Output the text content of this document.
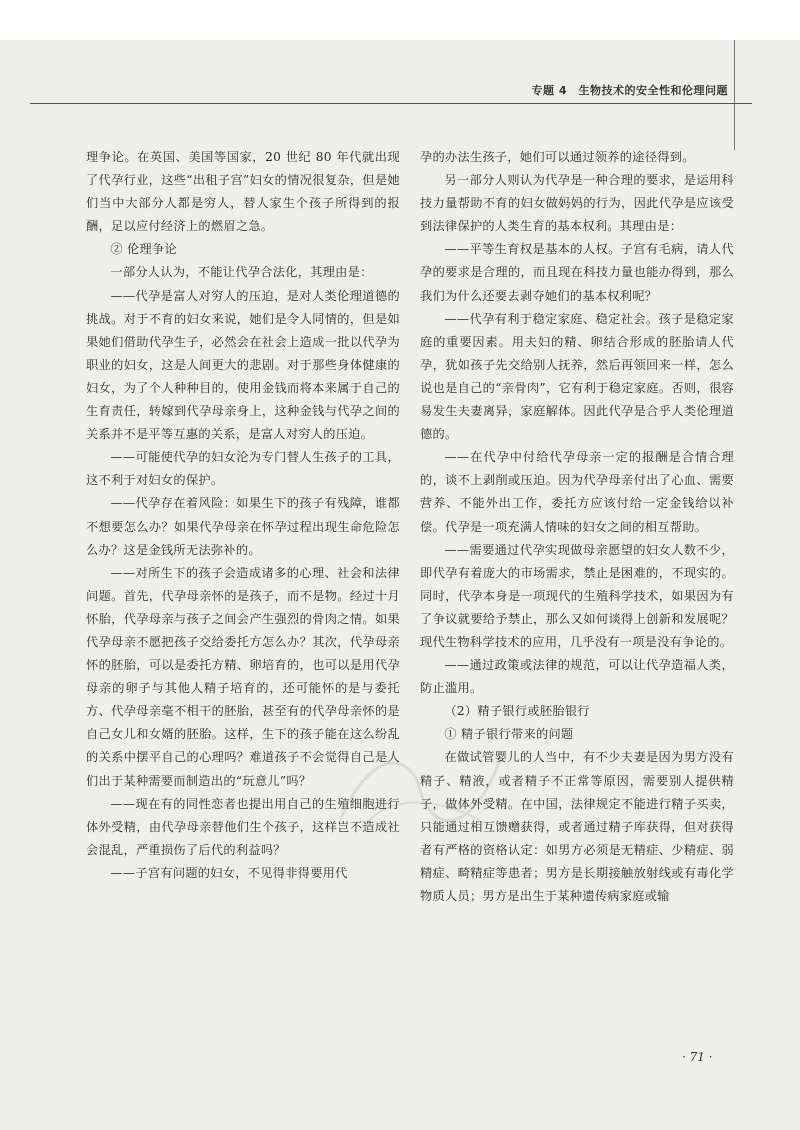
专题 4　生物技术的安全性和伦理问题

理争论。在英国、美国等国家，20 世纪 80 年代就出现了代孕行业，这些“出租子宫”妇女的情况很复杂，但是她们当中大部分人都是穷人，替人家生个孩子所得到的报酬，足以应付经济上的燃眉之急。

② 伦理争论

一部分人认为，不能让代孕合法化，其理由是：

——代孕是富人对穷人的压迫，是对人类伦理道德的挑战。对于不育的妇女来说，她们是令人同情的，但是如果她们借助代孕生子，必然会在社会上造成一批以代孕为职业的妇女，这是人间更大的悲剧。对于那些身体健康的妇女，为了个人种种目的，使用金钱而将本来属于自己的生育责任，转嫁到代孕母亲身上，这种金钱与代孕之间的关系并不是平等互惠的关系，是富人对穷人的压迫。

——可能使代孕的妇女沦为专门替人生孩子的工具，这不利于对妇女的保护。

——代孕存在着风险：如果生下的孩子有残障，谁都不想要怎么办？如果代孕母亲在怀孕过程出现生命危险怎么办？这是金钱所无法弥补的。

——对所生下的孩子会造成诸多的心理、社会和法律问题。首先，代孕母亲怀的是孩子，而不是物。经过十月怀胎，代孕母亲与孩子之间会产生强烈的骨肉之情。如果代孕母亲不愿把孩子交给委托方怎么办？其次，代孕母亲怀的胚胎，可以是委托方精、卵培育的，也可以是用代孕母亲的卵子与其他人精子培育的，还可能怀的是与委托方、代孕母亲毫不相干的胚胎，甚至有的代孕母亲怀的是自己女儿和女婿的胚胎。这样，生下的孩子能在这么纷乱的关系中摆平自己的心理吗？难道孩子不会觉得自己是人们出于某种需要而制造出的“玩意儿”吗？

——现在有的同性恋者也提出用自己的生殖细胞进行体外受精，由代孕母亲替他们生个孩子，这样岂不造成社会混乱，严重损伤了后代的利益吗？

——子宫有问题的妇女，不见得非得要用代

孕的办法生孩子，她们可以通过领养的途径得到。

另一部分人则认为代孕是一种合理的要求，是运用科技力量帮助不育的妇女做妈妈的行为，因此代孕是应该受到法律保护的人类生育的基本权利。其理由是：

——平等生育权是基本的人权。子宫有毛病，请人代孕的要求是合理的，而且现在科技力量也能办得到，那么我们为什么还要去剥夺她们的基本权利呢？

——代孕有利于稳定家庭、稳定社会。孩子是稳定家庭的重要因素。用夫妇的精、卵结合形成的胚胎请人代孕，犹如孩子先交给别人抚养，然后再领回来一样，怎么说也是自己的“亲骨肉”，它有利于稳定家庭。否则，很容易发生夫妻离异，家庭解体。因此代孕是合乎人类伦理道德的。

——在代孕中付给代孕母亲一定的报酬是合情合理的，谈不上剥削或压迫。因为代孕母亲付出了心血、需要营养、不能外出工作，委托方应该付给一定金钱给以补偿。代孕是一项充满人情味的妇女之间的相互帮助。

——需要通过代孕实现做母亲愿望的妇女人数不少，即代孕有着庞大的市场需求，禁止是困难的，不现实的。同时，代孕本身是一项现代的生殖科学技术，如果因为有了争议就要给予禁止，那么又如何谈得上创新和发展呢？现代生物科学技术的应用，几乎没有一项是没有争论的。

——通过政策或法律的规范，可以让代孕造福人类，防止滥用。

（2）精子银行或胚胎银行

① 精子银行带来的问题

在做试管婴儿的人当中，有不少夫妻是因为男方没有精子、精液，或者精子不正常等原因，需要别人提供精子，做体外受精。在中国，法律规定不能进行精子买卖，只能通过相互馈赠获得，或者通过精子库获得，但对获得者有严格的资格认定：如男方必须是无精症、少精症、弱精症、畸精症等患者；男方是长期接触放射线或有毒化学物质人员；男方是出生于某种遗传病家庭或输

· 71 ·
